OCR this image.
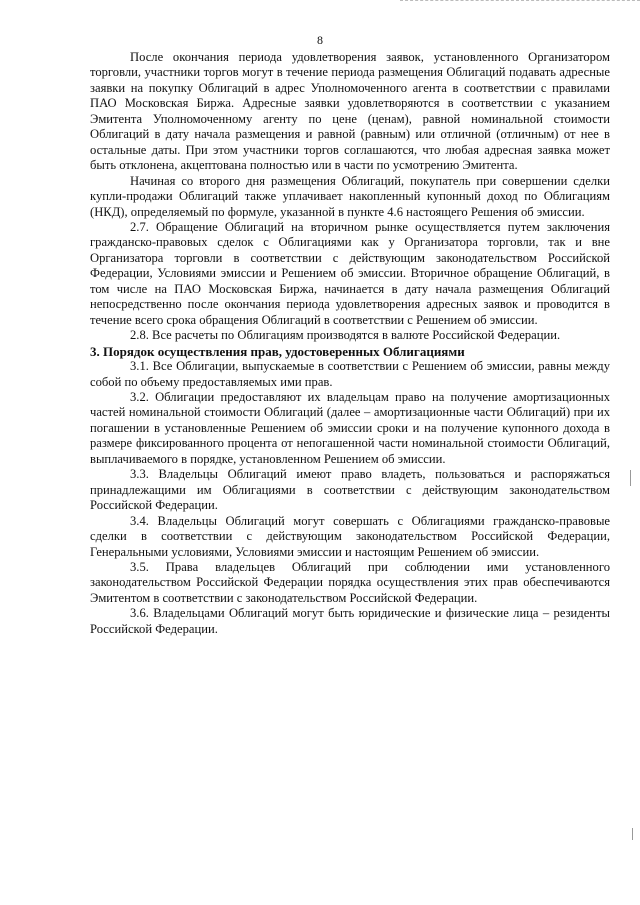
8

После окончания периода удовлетворения заявок, установленного Организатором торговли, участники торгов могут в течение периода размещения Облигаций подавать адресные заявки на покупку Облигаций в адрес Уполномоченного агента в соответствии с правилами ПАО Московская Биржа. Адресные заявки удовлетворяются в соответствии с указанием Эмитента Уполномоченному агенту по цене (ценам), равной номинальной стоимости Облигаций в дату начала размещения и равной (равным) или отличной (отличным) от нее в остальные даты. При этом участники торгов соглашаются, что любая адресная заявка может быть отклонена, акцептована полностью или в части по усмотрению Эмитента.

Начиная со второго дня размещения Облигаций, покупатель при совершении сделки купли-продажи Облигаций также уплачивает накопленный купонный доход по Облигациям (НКД), определяемый по формуле, указанной в пункте 4.6 настоящего Решения об эмиссии.

2.7. Обращение Облигаций на вторичном рынке осуществляется путем заключения гражданско-правовых сделок с Облигациями как у Организатора торговли, так и вне Организатора торговли в соответствии с действующим законодательством Российской Федерации, Условиями эмиссии и Решением об эмиссии. Вторичное обращение Облигаций, в том числе на ПАО Московская Биржа, начинается в дату начала размещения Облигаций непосредственно после окончания периода удовлетворения адресных заявок и проводится в течение всего срока обращения Облигаций в соответствии с Решением об эмиссии.

2.8. Все расчеты по Облигациям производятся в валюте Российской Федерации.

3. Порядок осуществления прав, удостоверенных Облигациями

3.1. Все Облигации, выпускаемые в соответствии с Решением об эмиссии, равны между собой по объему предоставляемых ими прав.

3.2. Облигации предоставляют их владельцам право на получение амортизационных частей номинальной стоимости Облигаций (далее – амортизационные части Облигаций) при их погашении в установленные Решением об эмиссии сроки и на получение купонного дохода в размере фиксированного процента от непогашенной части номинальной стоимости Облигаций, выплачиваемого в порядке, установленном Решением об эмиссии.

3.3. Владельцы Облигаций имеют право владеть, пользоваться и распоряжаться принадлежащими им Облигациями в соответствии с действующим законодательством Российской Федерации.

3.4. Владельцы Облигаций могут совершать с Облигациями гражданско-правовые сделки в соответствии с действующим законодательством Российской Федерации, Генеральными условиями, Условиями эмиссии и настоящим Решением об эмиссии.

3.5. Права владельцев Облигаций при соблюдении ими установленного законодательством Российской Федерации порядка осуществления этих прав обеспечиваются Эмитентом в соответствии с законодательством Российской Федерации.

3.6. Владельцами Облигаций могут быть юридические и физические лица – резиденты Российской Федерации.
